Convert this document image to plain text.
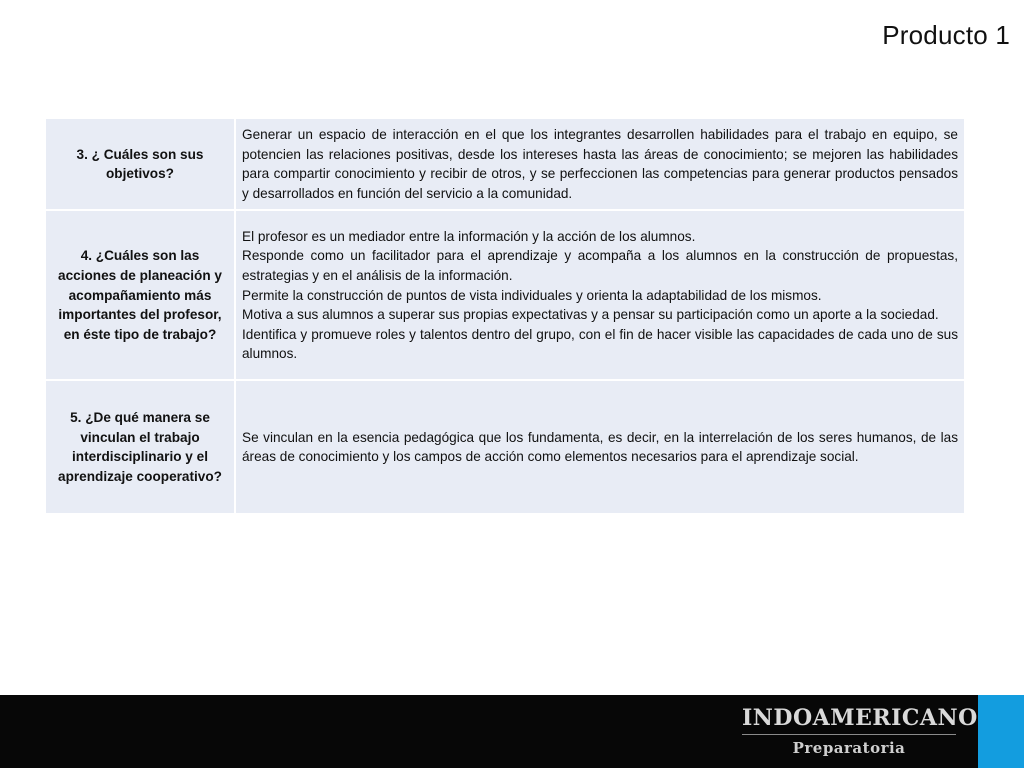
Producto 1
3. ¿ Cuáles son sus objetivos?	Generar un espacio de interacción en el que los integrantes desarrollen habilidades para el trabajo en equipo, se potencien las relaciones positivas, desde los intereses hasta las áreas de conocimiento; se mejoren las habilidades para compartir conocimiento y recibir de otros, y se perfeccionen las competencias para generar productos pensados y desarrollados en función del servicio a la comunidad.

4. ¿Cuáles son las acciones de planeación y acompañamiento más importantes del profesor, en éste tipo de trabajo?	El profesor es un mediador entre la información y la acción de los alumnos.
Responde como un facilitador para el aprendizaje y acompaña a los alumnos en la construcción de propuestas, estrategias y en el análisis de la información.
Permite la construcción de puntos de vista individuales y orienta la adaptabilidad de los mismos.
Motiva a sus alumnos a superar sus propias expectativas y a pensar su participación como un aporte a la sociedad.
Identifica y promueve roles y talentos dentro del grupo, con el fin de hacer visible las capacidades de cada uno de sus alumnos.

5. ¿De qué manera se vinculan el trabajo interdisciplinario y el aprendizaje cooperativo?	Se vinculan en la esencia pedagógica que los fundamenta, es decir, en la interrelación de los seres humanos, de las áreas de conocimiento y los campos de acción como elementos necesarios para el aprendizaje social.
INDOAMERICANO
Preparatoria
